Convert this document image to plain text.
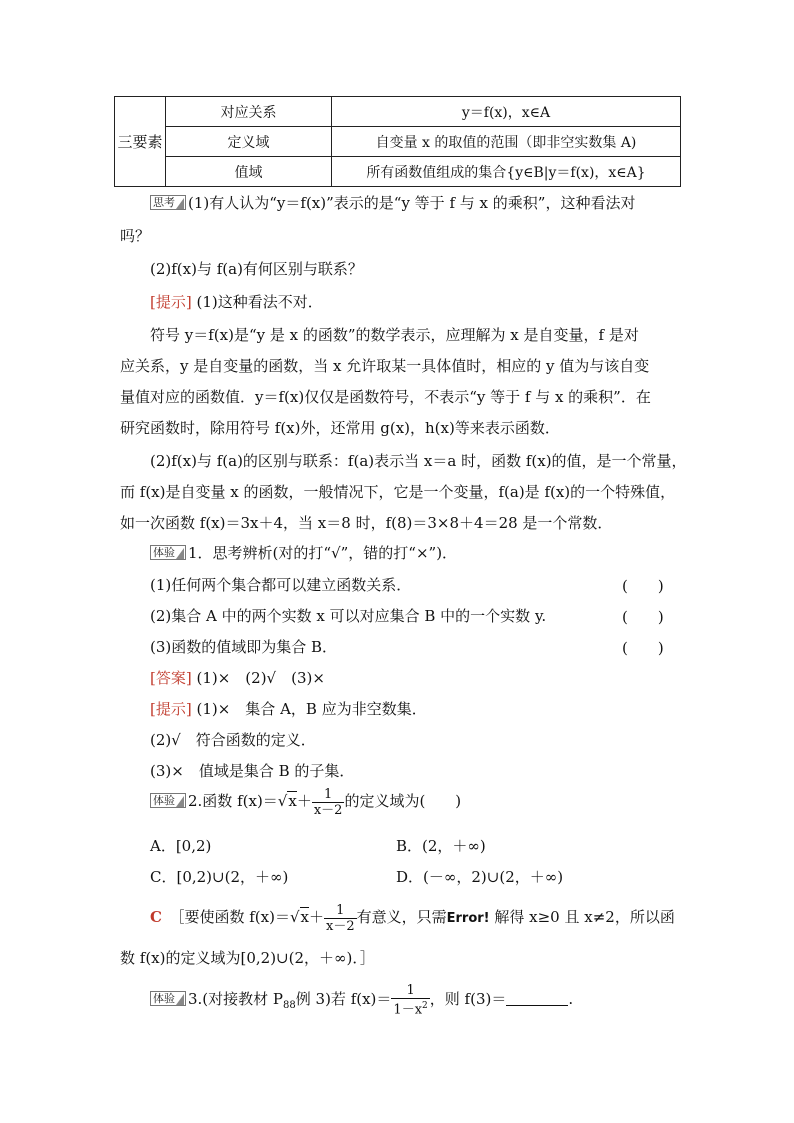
三要素	对应关系	y＝f(x)，x∈A
	定义域	自变量 x 的取值的范围（即非空实数集 A)
	值域	所有函数值组成的集合{y∈B|y＝f(x)，x∈A}
思考 (1)有人认为“y＝f(x)”表示的是“y 等于 f 与 x 的乘积”，这种看法对
吗？
(2)f(x)与 f(a)有何区别与联系？
[提示] (1)这种看法不对．
符号 y＝f(x)是“y 是 x 的函数”的数学表示，应理解为 x 是自变量，f 是对
应关系，y 是自变量的函数，当 x 允许取某一具体值时，相应的 y 值为与该自变
量值对应的函数值．y＝f(x)仅仅是函数符号，不表示“y 等于 f 与 x 的乘积”．在
研究函数时，除用符号 f(x)外，还常用 g(x)，h(x)等来表示函数．
(2)f(x)与 f(a)的区别与联系：f(a)表示当 x＝a 时，函数 f(x)的值，是一个常量，
而 f(x)是自变量 x 的函数，一般情况下，它是一个变量，f(a)是 f(x)的一个特殊值，
如一次函数 f(x)＝3x＋4，当 x＝8 时，f(8)＝3×8＋4＝28 是一个常数．
体验 1．思考辨析(对的打“√”，错的打“×”)．
(1)任何两个集合都可以建立函数关系．	(　　)
(2)集合 A 中的两个实数 x 可以对应集合 B 中的一个实数 y.	(　　)
(3)函数的值域即为集合 B．	(　　)
[答案] (1)×　(2)√　(3)×
[提示] (1)×　集合 A，B 应为非空数集．
(2)√　符合函数的定义．
(3)×　值域是集合 B 的子集．
体验 2.函数 $f(x)=√x+ \frac{1}{x-2}$ 的定义域为(　　)
A．[0,2)	B．(2，＋∞)
C．[0,2)∪(2，＋∞)	D．(－∞，2)∪(2，＋∞)
C　 ［要使函数 $f(x)=√x+ \frac{1}{x-2}$ 有意义，只需Error! 解得 x≥0 且 x≠2，所以函
数 f(x)的定义域为[0,2)∪(2，＋∞)．］
体验 3.(对接教材 $P_{88}$例 3)若 $f(x)= \frac{1}{1-x^2}$ ，则 f(3)＝	.
